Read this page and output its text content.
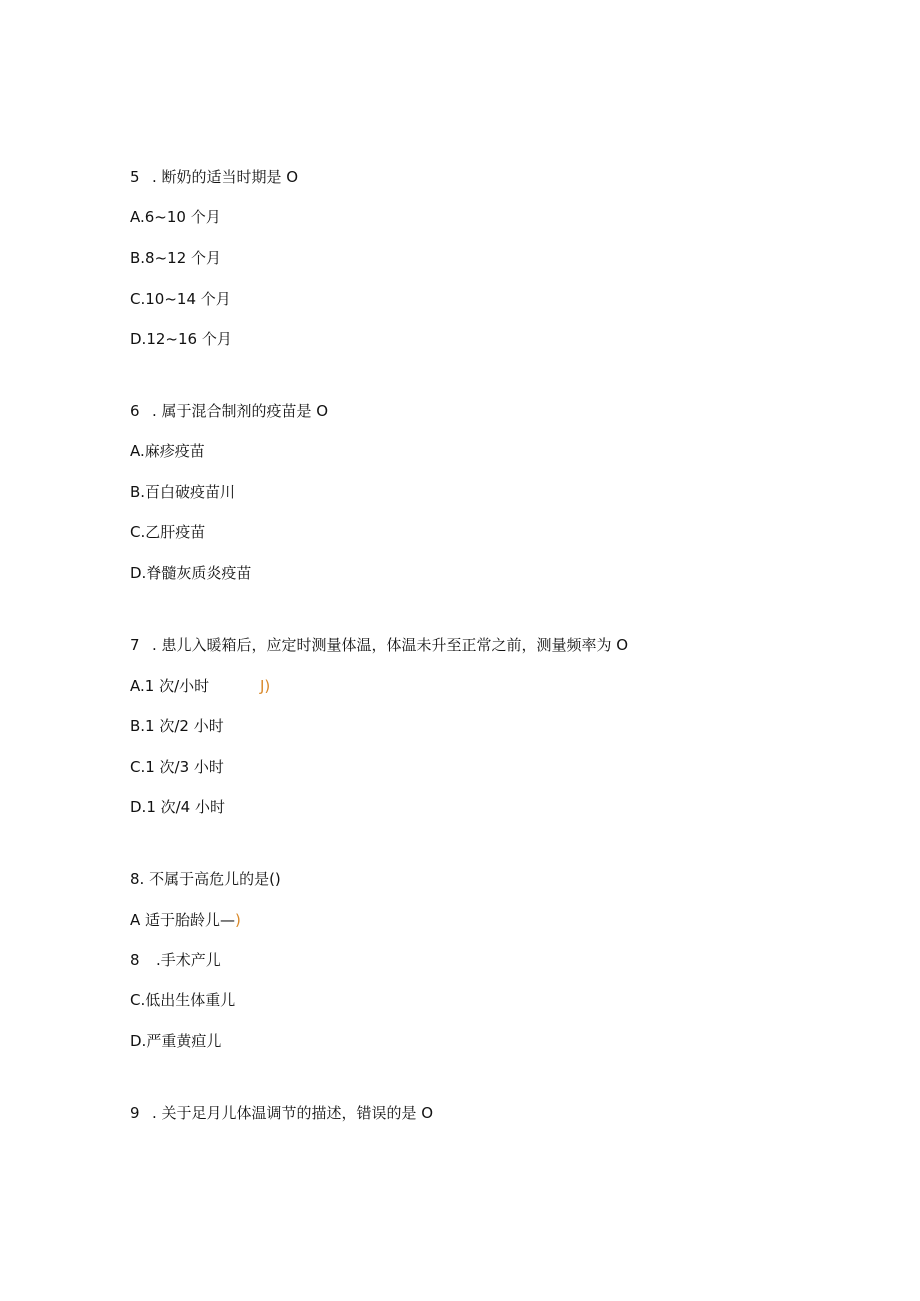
5 . 断奶的适当时期是 O
A.6~10 个月
B.8~12 个月
C.10~14 个月
D.12~16 个月
6 . 属于混合制剂的疫苗是 O
A.麻疹疫苗
B.百白破疫苗川
C.乙肝疫苗
D.脊髓灰质炎疫苗
7 . 患儿入暖箱后，应定时测量体温，体温未升至正常之前，测量频率为 O
A.1 次/小时	J)
B.1 次/2 小时
C.1 次/3 小时
D.1 次/4 小时
8. 不属于高危儿的是()
A 适于胎龄儿—)
8 .手术产儿
C.低出生体重儿
D.严重黄疸儿
9 . 关于足月儿体温调节的描述，错误的是 O
